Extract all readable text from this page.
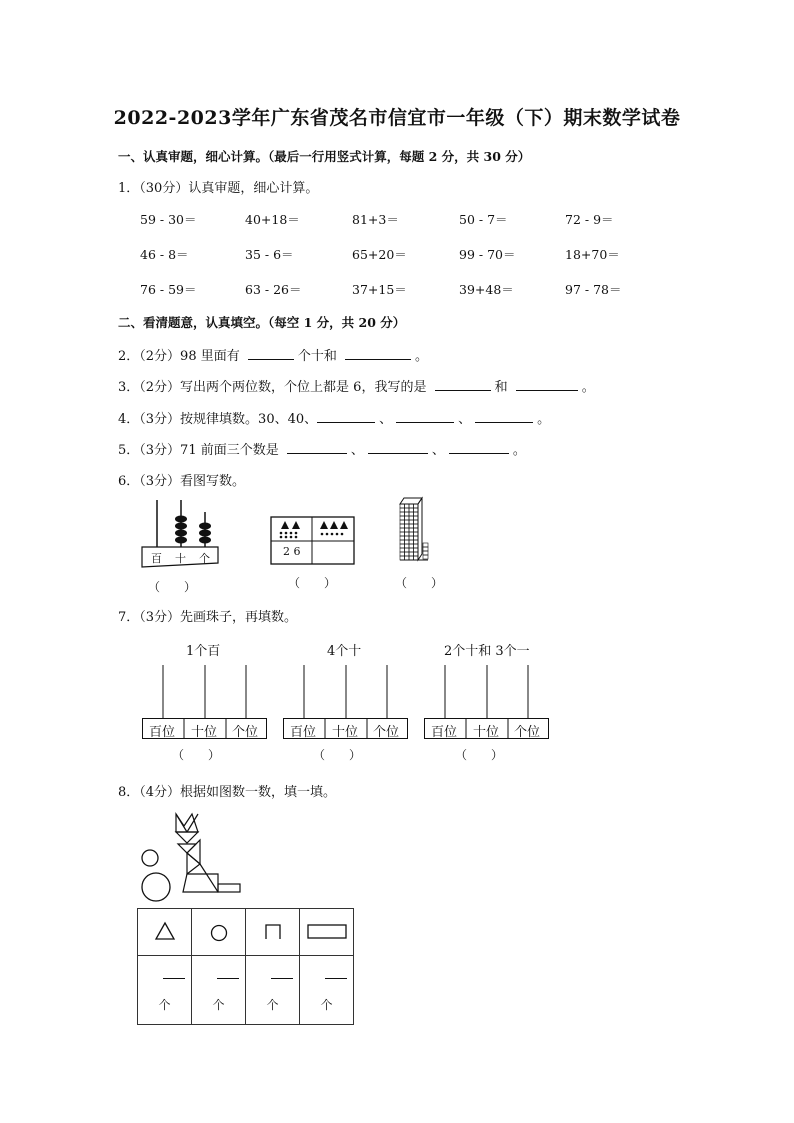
2022-2023学年广东省茂名市信宜市一年级（下）期末数学试卷
一、认真审题，细心计算。（最后一行用竖式计算，每题 2 分，共 30 分）
1．（30分）认真审题，细心计算。
59 - 30＝	40+18＝	81+3＝	50 - 7＝	72 - 9＝
46 - 8＝	35 - 6＝	65+20＝	99 - 70＝	18+70＝
76 - 59＝	63 - 26＝	37+15＝	39+48＝	97 - 78＝
二、看清题意，认真填空。（每空 1 分，共 20 分）
2．（2分）98 里面有	个十和	。
3．（2分）写出两个两位数，个位上都是 6，我写的是	和	。
4．（3分）按规律填数。30、40、	、	、	。
5．（3分）71 前面三个数是	、	、	。
6．（3分）看图写数。
百 十 个
（　　）
2 6
（　　）	（　　）
7．（3分）先画珠子，再填数。
1个百	4个十	2个十和 3个一
百位 十位 个位 百位 十位 个位 百位 十位 个位
（　　）	（　　）	（　　）
8．（4分）根据如图数一数，填一填。

个	个	个	个
